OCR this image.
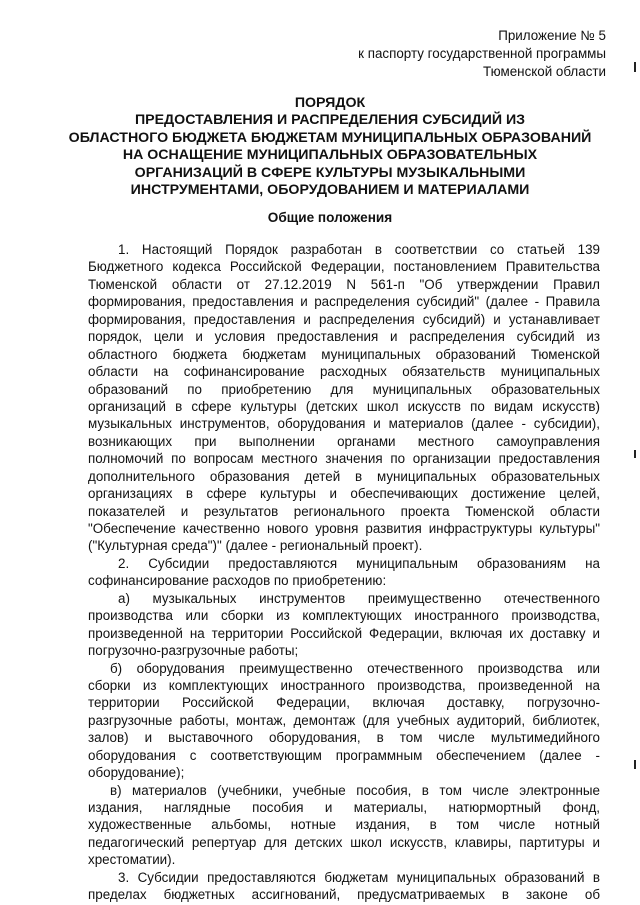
Приложение № 5
к паспорту государственной программы
Тюменской области
ПОРЯДОК
ПРЕДОСТАВЛЕНИЯ И РАСПРЕДЕЛЕНИЯ СУБСИДИЙ ИЗ
ОБЛАСТНОГО БЮДЖЕТА БЮДЖЕТАМ МУНИЦИПАЛЬНЫХ ОБРАЗОВАНИЙ
НА ОСНАЩЕНИЕ МУНИЦИПАЛЬНЫХ ОБРАЗОВАТЕЛЬНЫХ
ОРГАНИЗАЦИЙ В СФЕРЕ КУЛЬТУРЫ МУЗЫКАЛЬНЫМИ
ИНСТРУМЕНТАМИ, ОБОРУДОВАНИЕМ И МАТЕРИАЛАМИ
Общие положения
1. Настоящий Порядок разработан в соответствии со статьей 139
Бюджетного кодекса Российской Федерации, постановлением Правительства
Тюменской области от 27.12.2019 N 561-п "Об утверждении Правил
формирования, предоставления и распределения субсидий" (далее - Правила
формирования, предоставления и распределения субсидий) и устанавливает
порядок, цели и условия предоставления и распределения субсидий из
областного бюджета бюджетам муниципальных образований Тюменской
области на софинансирование расходных обязательств муниципальных
образований по приобретению для муниципальных образовательных
организаций в сфере культуры (детских школ искусств по видам искусств)
музыкальных инструментов, оборудования и материалов (далее - субсидии),
возникающих при выполнении органами местного самоуправления
полномочий по вопросам местного значения по организации предоставления
дополнительного образования детей в муниципальных образовательных
организациях в сфере культуры и обеспечивающих достижение целей,
показателей и результатов регионального проекта Тюменской области
"Обеспечение качественно нового уровня развития инфраструктуры культуры"
("Культурная среда")" (далее - региональный проект).
2. Субсидии предоставляются муниципальным образованиям на
софинансирование расходов по приобретению:
а) музыкальных инструментов преимущественно отечественного
производства или сборки из комплектующих иностранного производства,
произведенной на территории Российской Федерации, включая их доставку и
погрузочно-разгрузочные работы;
б) оборудования преимущественно отечественного производства или
сборки из комплектующих иностранного производства, произведенной на
территории Российской Федерации, включая доставку, погрузочно-
разгрузочные работы, монтаж, демонтаж (для учебных аудиторий, библиотек,
залов) и выставочного оборудования, в том числе мультимедийного
оборудования с соответствующим программным обеспечением (далее -
оборудование);
в) материалов (учебники, учебные пособия, в том числе электронные
издания, наглядные пособия и материалы, натюрмортный фонд,
художественные альбомы, нотные издания, в том числе нотный
педагогический репертуар для детских школ искусств, клавиры, партитуры и
хрестоматии).
3. Субсидии предоставляются бюджетам муниципальных образований в
пределах бюджетных ассигнований, предусматриваемых в законе об
